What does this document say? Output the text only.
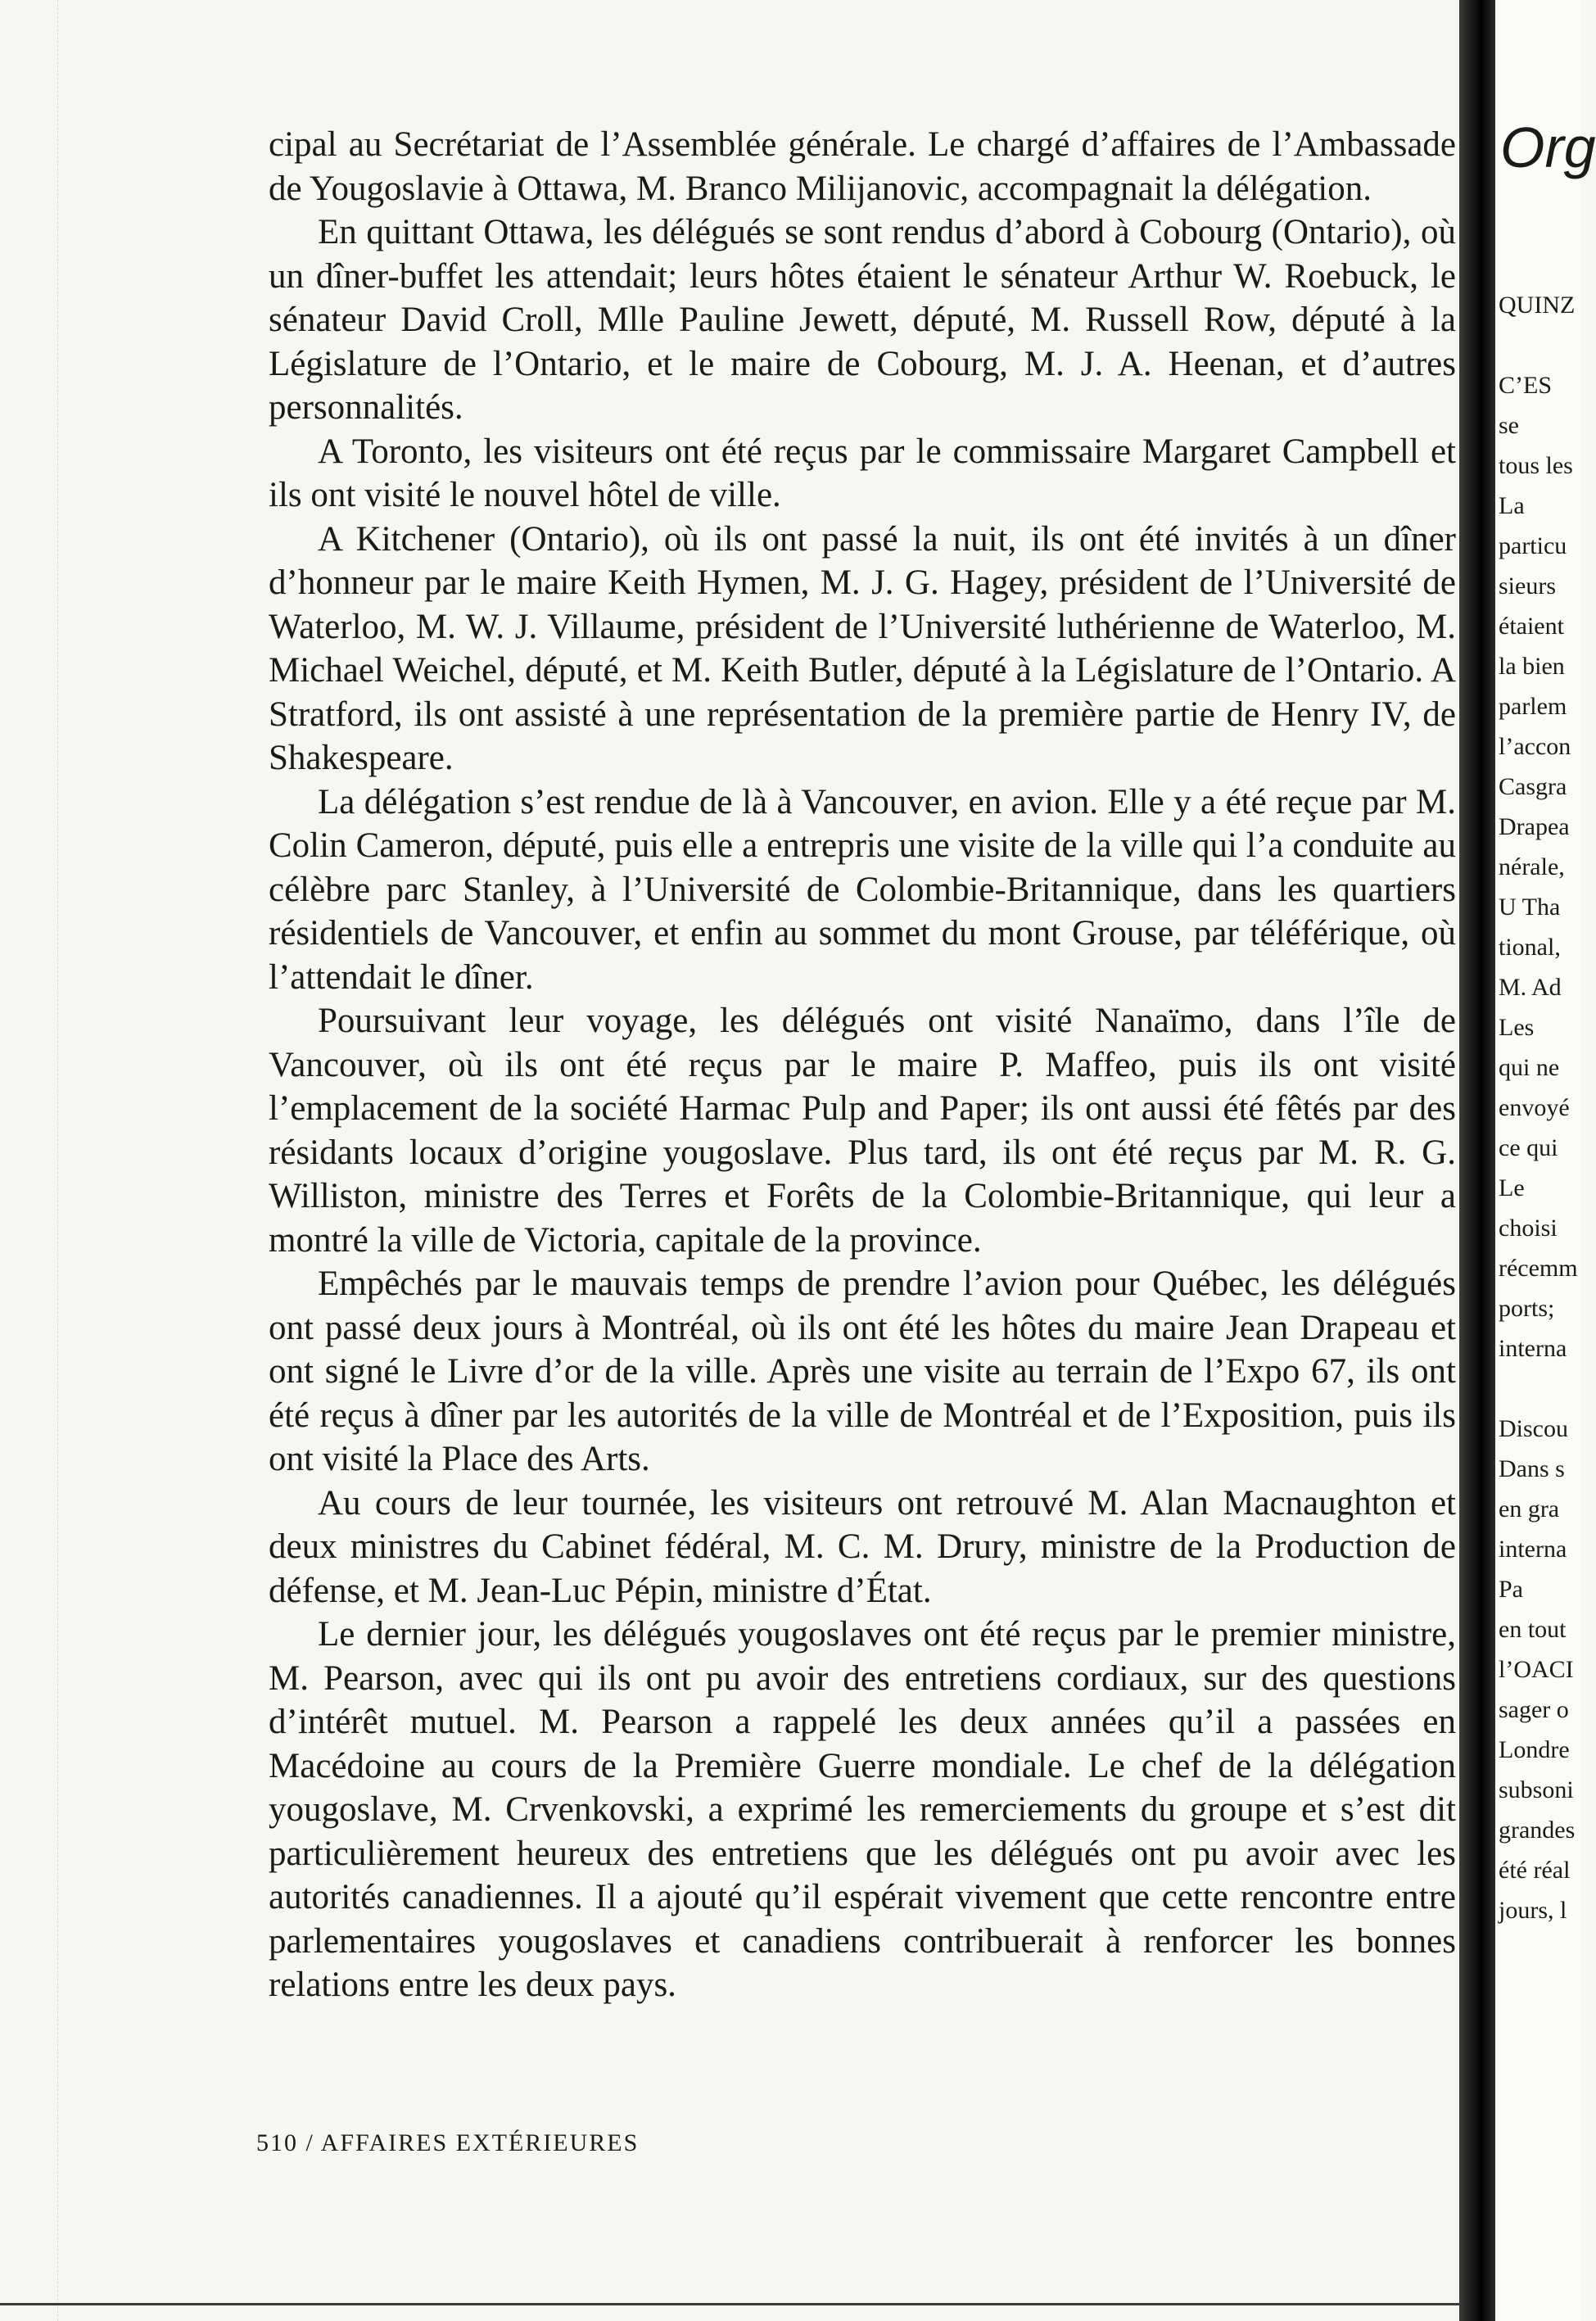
cipal au Secrétariat de l’Assemblée générale. Le chargé d’affaires de l’Ambassade de Yougoslavie à Ottawa, M. Branco Milijanovic, accompagnait la délégation.

En quittant Ottawa, les délégués se sont rendus d’abord à Cobourg (Ontario), où un dîner-buffet les attendait; leurs hôtes étaient le sénateur Arthur W. Roebuck, le sénateur David Croll, Mlle Pauline Jewett, député, M. Russell Row, député à la Législature de l’Ontario, et le maire de Cobourg, M. J. A. Heenan, et d’autres personnalités.

A Toronto, les visiteurs ont été reçus par le commissaire Margaret Campbell et ils ont visité le nouvel hôtel de ville.

A Kitchener (Ontario), où ils ont passé la nuit, ils ont été invités à un dîner d’honneur par le maire Keith Hymen, M. J. G. Hagey, président de l’Université de Waterloo, M. W. J. Villaume, président de l’Université luthérienne de Waterloo, M. Michael Weichel, député, et M. Keith Butler, député à la Législature de l’Ontario. A Stratford, ils ont assisté à une représentation de la première partie de Henry IV, de Shakespeare.

La délégation s’est rendue de là à Vancouver, en avion. Elle y a été reçue par M. Colin Cameron, député, puis elle a entrepris une visite de la ville qui l’a conduite au célèbre parc Stanley, à l’Université de Colombie-Britannique, dans les quartiers résidentiels de Vancouver, et enfin au sommet du mont Grouse, par téléférique, où l’attendait le dîner.

Poursuivant leur voyage, les délégués ont visité Nanaïmo, dans l’île de Vancouver, où ils ont été reçus par le maire P. Maffeo, puis ils ont visité l’emplacement de la société Harmac Pulp and Paper; ils ont aussi été fêtés par des résidants locaux d’origine yougoslave. Plus tard, ils ont été reçus par M. R. G. Williston, ministre des Terres et Forêts de la Colombie-Britannique, qui leur a montré la ville de Victoria, capitale de la province.

Empêchés par le mauvais temps de prendre l’avion pour Québec, les délégués ont passé deux jours à Montréal, où ils ont été les hôtes du maire Jean Drapeau et ont signé le Livre d’or de la ville. Après une visite au terrain de l’Expo 67, ils ont été reçus à dîner par les autorités de la ville de Montréal et de l’Exposition, puis ils ont visité la Place des Arts.

Au cours de leur tournée, les visiteurs ont retrouvé M. Alan Macnaughton et deux ministres du Cabinet fédéral, M. C. M. Drury, ministre de la Production de défense, et M. Jean-Luc Pépin, ministre d’État.

Le dernier jour, les délégués yougoslaves ont été reçus par le premier ministre, M. Pearson, avec qui ils ont pu avoir des entretiens cordiaux, sur des questions d’intérêt mutuel. M. Pearson a rappelé les deux années qu’il a passées en Macédoine au cours de la Première Guerre mondiale. Le chef de la délégation yougoslave, M. Crvenkovski, a exprimé les remerciements du groupe et s’est dit particulièrement heureux des entretiens que les délégués ont pu avoir avec les autorités canadiennes. Il a ajouté qu’il espérait vivement que cette rencontre entre parlementaires yougoslaves et canadiens contribuerait à renforcer les bonnes relations entre les deux pays.

510 / AFFAIRES EXTÉRIEURES
Org

QUINZ

C’ES
se
tous les
La
particu
sieurs
étaient
la bien
parlem
l’accon
Casgra
Drapea
nérale,
U Tha
tional,
M. Ad
Les
qui ne
envoyé
ce qui
Le
choisi
récemm
ports;
interna

Discou
Dans s
en gra
interna
Pa
en tout
l’OACI
sager o
Londre
subsoni
grandes
été réal
jours, l
